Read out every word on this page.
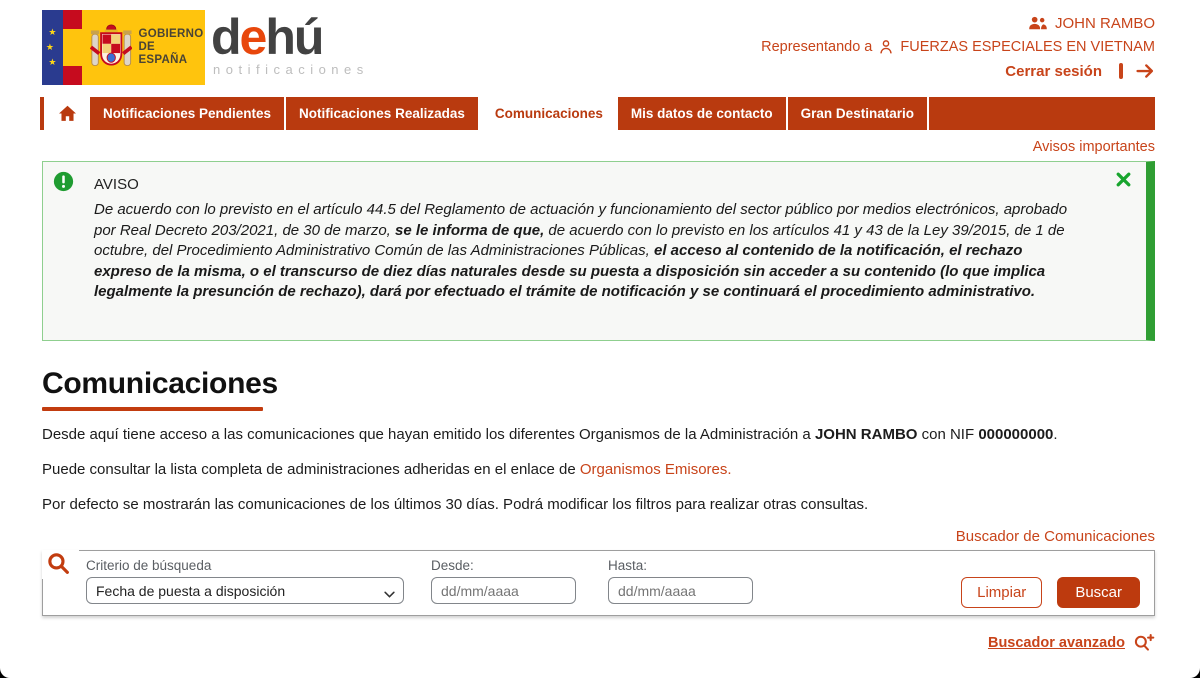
★
★
★
GOBIERNO
DE ESPAÑA dehú
notificaciones
JOHN RAMBO
Representando a FUERZAS ESPECIALES EN VIETNAM
Cerrar sesión
Notificaciones Pendientes	Notificaciones Realizadas	Comunicaciones	Mis datos de contacto	Gran Destinatario
Avisos importantes
AVISO
De acuerdo con lo previsto en el artículo 44.5 del Reglamento de actuación y funcionamiento del sector público por medios electrónicos, aprobado por Real Decreto 203/2021, de 30 de marzo, se le informa de que, de acuerdo con lo previsto en los artículos 41 y 43 de la Ley 39/2015, de 1 de octubre, del Procedimiento Administrativo Común de las Administraciones Públicas, el acceso al contenido de la notificación, el rechazo expreso de la misma, o el transcurso de diez días naturales desde su puesta a disposición sin acceder a su contenido (lo que implica legalmente la presunción de rechazo), dará por efectuado el trámite de notificación y se continuará el procedimiento administrativo.
Comunicaciones

Desde aquí tiene acceso a las comunicaciones que hayan emitido los diferentes Organismos de la Administración a JOHN RAMBO con NIF 000000000.

Puede consultar la lista completa de administraciones adheridas en el enlace de Organismos Emisores.

Por defecto se mostrarán las comunicaciones de los últimos 30 días. Podrá modificar los filtros para realizar otras consultas.

Buscador de Comunicaciones
Criterio de búsqueda
Fecha de puesta a disposición	Desde:
dd/mm/aaaa	Hasta:
dd/mm/aaaa
Limpiar	Buscar
Buscador avanzado
